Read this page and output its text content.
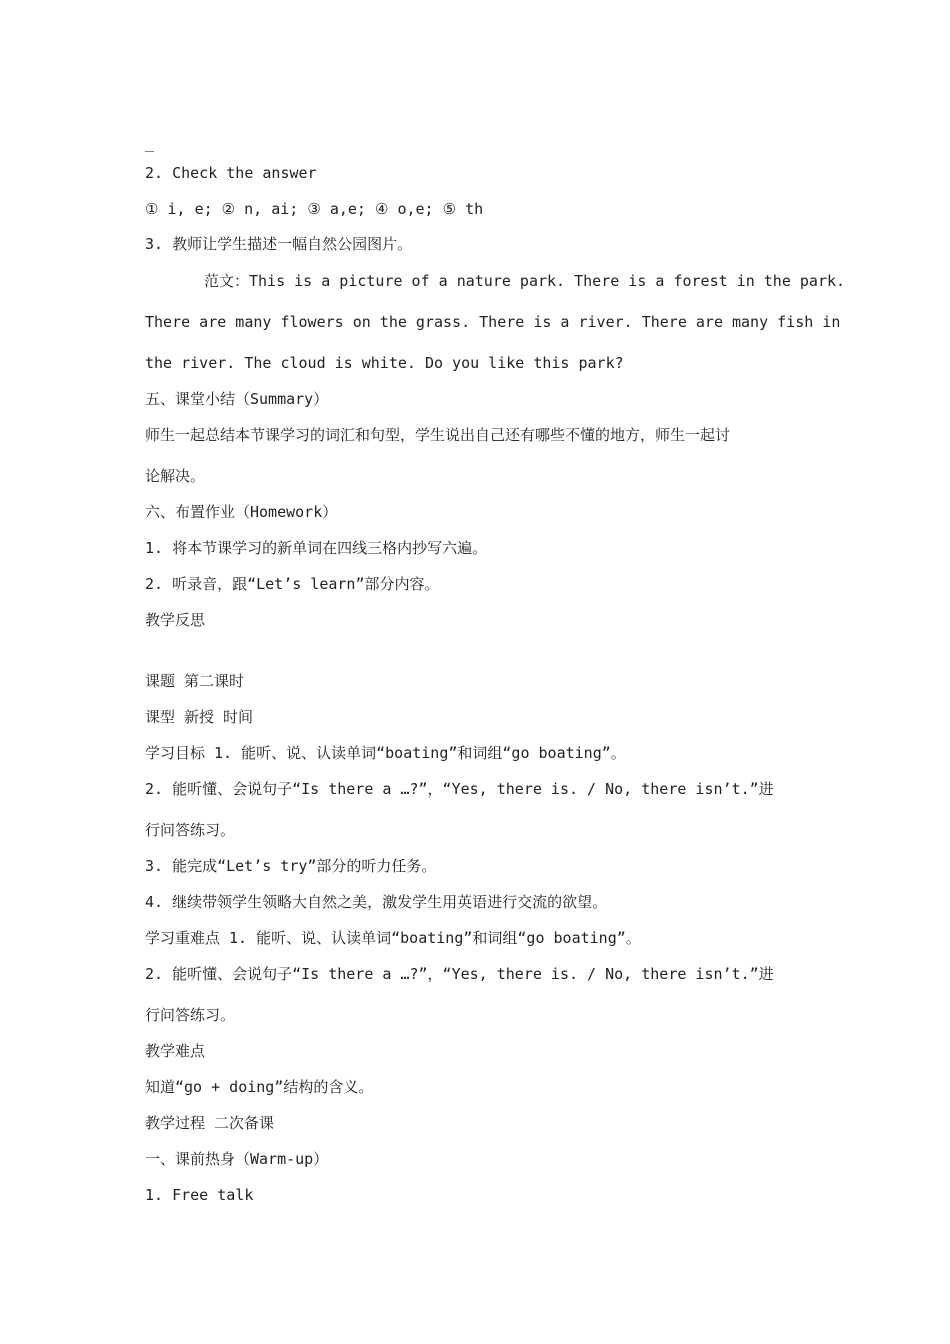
_

2. Check the answer

① i, e; ② n, ai; ③ a,e; ④ o,e; ⑤ th

3. 教师让学生描述一幅自然公园图片。

范文：This is a picture of a nature park. There is a forest in the park.

There are many flowers on the grass. There is a river. There are many fish in

the river. The cloud is white. Do you like this park?

五、课堂小结（Summary）

师生一起总结本节课学习的词汇和句型，学生说出自己还有哪些不懂的地方，师生一起讨

论解决。

六、布置作业（Homework）

1. 将本节课学习的新单词在四线三格内抄写六遍。

2. 听录音，跟“Let’s learn”部分内容。

教学反思

课题 第二课时

课型 新授 时间

学习目标 1. 能听、说、认读单词“boating”和词组“go boating”。

2. 能听懂、会说句子“Is there a …?”，“Yes, there is. / No, there isn’t.”进

行问答练习。

3. 能完成“Let’s try”部分的听力任务。

4. 继续带领学生领略大自然之美，激发学生用英语进行交流的欲望。

学习重难点 1. 能听、说、认读单词“boating”和词组“go boating”。

2. 能听懂、会说句子“Is there a …?”，“Yes, there is. / No, there isn’t.”进

行问答练习。

教学难点

知道“go + doing”结构的含义。

教学过程 二次备课

一、课前热身（Warm-up）

1. Free talk
